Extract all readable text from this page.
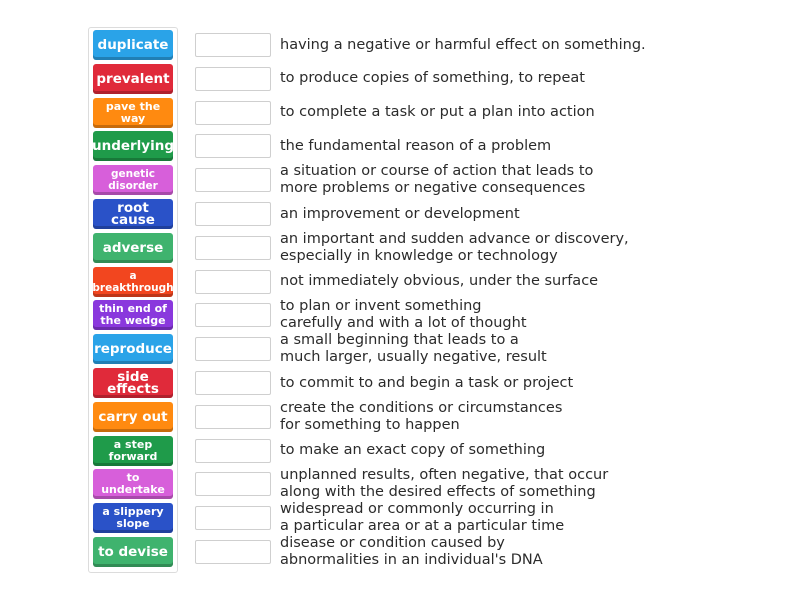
duplicate
prevalent
pave the way
underlying
genetic
disorder
root cause
adverse
a
breakthrough
thin end of
the wedge
reproduce
side effects
carry out
a step
forward
to undertake
a slippery
slope
to devise
having a negative or harmful effect on something.
to produce copies of something, to repeat
to complete a task or put a plan into action
the fundamental reason of a problem
a situation or course of action that leads to
more problems or negative consequences
an improvement or development
an important and sudden advance or discovery,
especially in knowledge or technology
not immediately obvious, under the surface
to plan or invent something
carefully and with a lot of thought
a small beginning that leads to a
much larger, usually negative, result
to commit to and begin a task or project
create the conditions or circumstances
for something to happen
to make an exact copy of something
unplanned results, often negative, that occur
along with the desired effects of something
widespread or commonly occurring in
a particular area or at a particular time
disease or condition caused by
abnormalities in an individual's DNA
